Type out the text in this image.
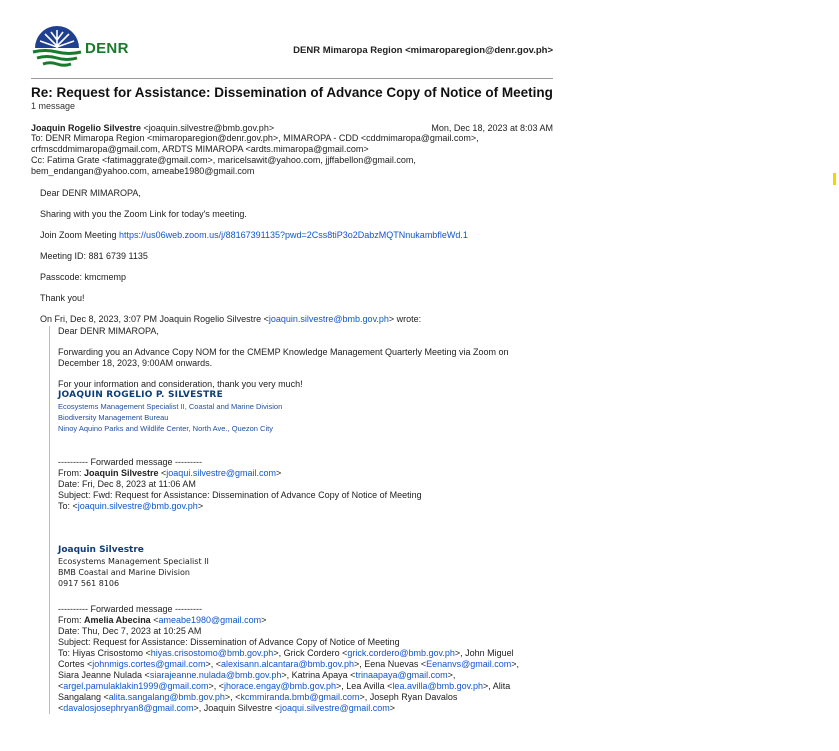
DENR	DENR Mimaropa Region <mimaroparegion@denr.gov.ph>
Re: Request for Assistance: Dissemination of Advance Copy of Notice of Meeting
1 message
Joaquin Rogelio Silvestre <joaquin.silvestre@bmb.gov.ph>	Mon, Dec 18, 2023 at 8:03 AM
To: DENR Mimaropa Region <mimaroparegion@denr.gov.ph>, MIMAROPA - CDD <cddmimaropa@gmail.com>,
crfmscddmimaropa@gmail.com, ARDTS MIMAROPA <ardts.mimaropa@gmail.com>
Cc: Fatima Grate <fatimaggrate@gmail.com>, maricelsawit@yahoo.com, jjffabellon@gmail.com,
bem_endangan@yahoo.com, ameabe1980@gmail.com

Dear DENR MIMAROPA,

Sharing with you the Zoom Link for today's meeting.

Join Zoom Meeting https://us06web.zoom.us/j/88167391135?pwd=2Css8tiP3o2DabzMQTNnukambfleWd.1

Meeting ID: 881 6739 1135

Passcode: kmcmemp

Thank you!

On Fri, Dec 8, 2023, 3:07 PM Joaquin Rogelio Silvestre <joaquin.silvestre@bmb.gov.ph> wrote:

Dear DENR MIMAROPA,

Forwarding you an Advance Copy NOM for the CMEMP Knowledge Management Quarterly Meeting via Zoom on

December 18, 2023, 9:00AM onwards.

For your information and consideration, thank you very much!

JOAQUIN ROGELIO P. SILVESTRE
Ecosystems Management Specialist II, Coastal and Marine Division
Biodiversity Management Bureau
Ninoy Aquino Parks and Wildlife Center, North Ave., Quezon City

---------- Forwarded message ---------

From: Joaquin Silvestre <joaqui.silvestre@gmail.com>

Date: Fri, Dec 8, 2023 at 11:06 AM

Subject: Fwd: Request for Assistance: Dissemination of Advance Copy of Notice of Meeting

To: <joaquin.silvestre@bmb.gov.ph>

Joaquin Silvestre
Ecosystems Management Specialist II
BMB Coastal and Marine Division
0917 561 8106

---------- Forwarded message ---------

From: Amelia Abecina <ameabe1980@gmail.com>

Date: Thu, Dec 7, 2023 at 10:25 AM

Subject: Request for Assistance: Dissemination of Advance Copy of Notice of Meeting

To: Hiyas Crisostomo <hiyas.crisostomo@bmb.gov.ph>, Grick Cordero <grick.cordero@bmb.gov.ph>, John Miguel

Cortes <johnmigs.cortes@gmail.com>, <alexisann.alcantara@bmb.gov.ph>, Eena Nuevas <Eenanvs@gmail.com>,

Siara Jeanne Nulada <siarajeanne.nulada@bmb.gov.ph>, Katrina Apaya <trinaapaya@gmail.com>,

<argel.pamulaklakin1999@gmail.com>, <jhorace.engay@bmb.gov.ph>, Lea Avilla <lea.avilla@bmb.gov.ph>, Alita

Sangalang <alita.sangalang@bmb.gov.ph>, <kcmmiranda.bmb@gmail.com>, Joseph Ryan Davalos

<davalosjosephryan8@gmail.com>, Joaquin Silvestre <joaqui.silvestre@gmail.com>
